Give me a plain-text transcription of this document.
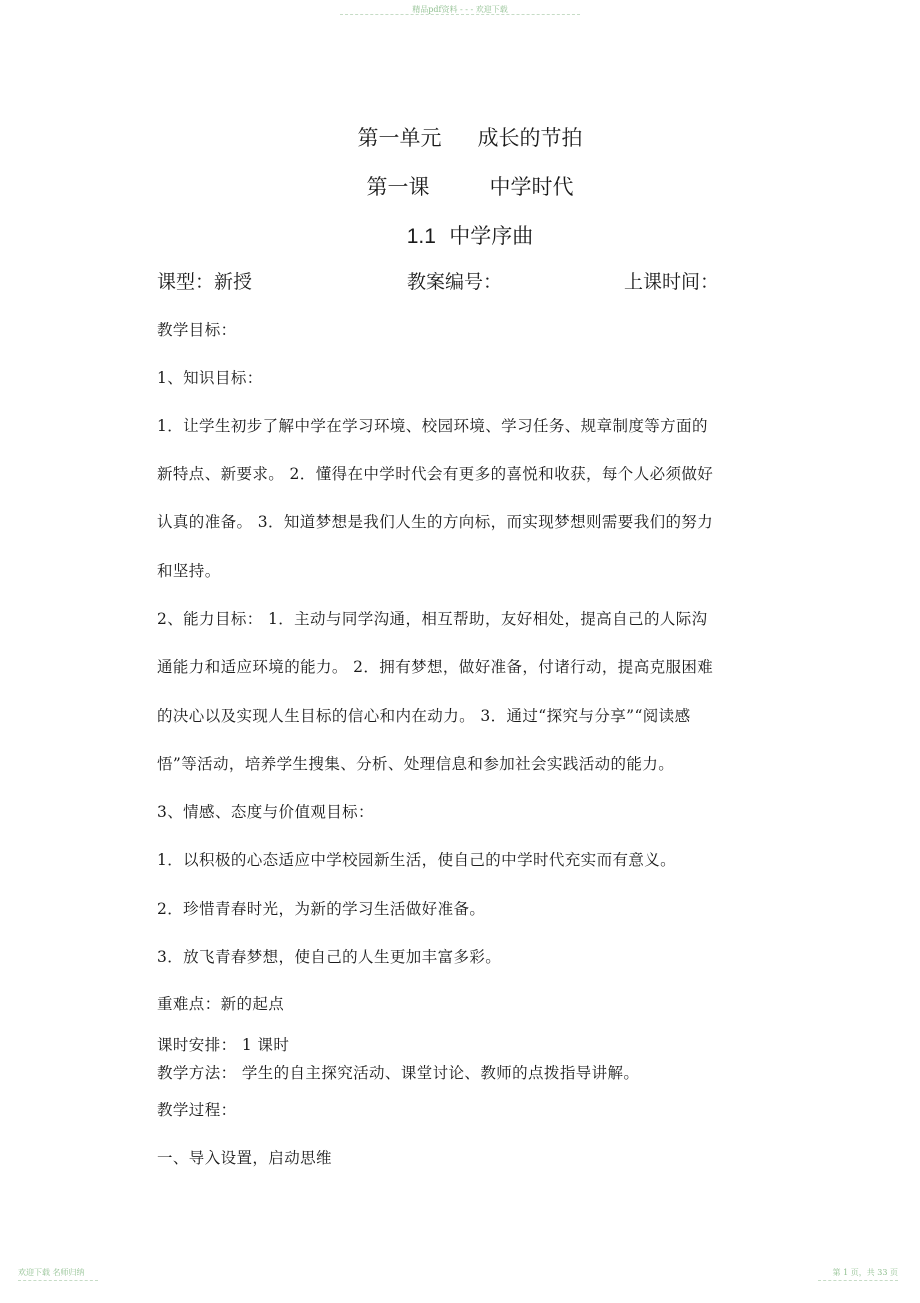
精品pdf资料 - - - 欢迎下载
第一单元 成长的节拍
第一课	中学时代
1.1 中学序曲
课型：新授	教案编号：	上课时间：
教学目标：
1、知识目标：
1．让学生初步了解中学在学习环境、校园环境、学习任务、规章制度等方面的
新特点、新要求。 2．懂得在中学时代会有更多的喜悦和收获，每个人必须做好
认真的准备。 3．知道梦想是我们人生的方向标，而实现梦想则需要我们的努力
和坚持。
2、能力目标： 1．主动与同学沟通，相互帮助，友好相处，提高自己的人际沟
通能力和适应环境的能力。 2．拥有梦想，做好准备，付诸行动，提高克服困难
的决心以及实现人生目标的信心和内在动力。 3．通过“探究与分享”“阅读感
悟”等活动，培养学生搜集、分析、处理信息和参加社会实践活动的能力。
3、情感、态度与价值观目标：
1．以积极的心态适应中学校园新生活，使自己的中学时代充实而有意义。
2．珍惜青春时光，为新的学习生活做好准备。
3．放飞青春梦想，使自己的人生更加丰富多彩。
重难点：新的起点
课时安排： 1 课时
教学方法： 学生的自主探究活动、课堂讨论、教师的点拨指导讲解。
教学过程：
一、导入设置，启动思维
欢迎下载 名师归纳	第 1 页，共 33 页
